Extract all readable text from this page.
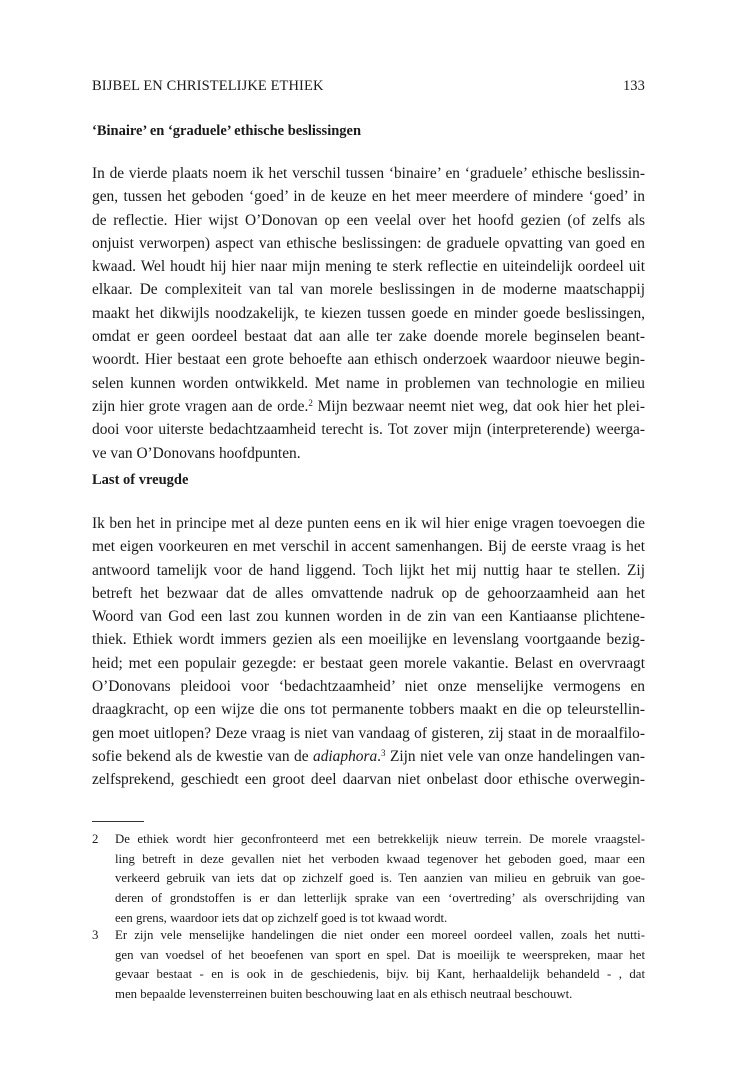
BIJBEL EN CHRISTELIJKE ETHIEK	133
‘Binaire’ en ‘graduele’ ethische beslissingen
In de vierde plaats noem ik het verschil tussen ‘binaire’ en ‘graduele’ ethische beslissin-
gen, tussen het geboden ‘goed’ in de keuze en het meer meerdere of mindere ‘goed’ in
de reflectie. Hier wijst O’Donovan op een veelal over het hoofd gezien (of zelfs als
onjuist verworpen) aspect van ethische beslissingen: de graduele opvatting van goed en
kwaad. Wel houdt hij hier naar mijn mening te sterk reflectie en uiteindelijk oordeel uit
elkaar. De complexiteit van tal van morele beslissingen in de moderne maatschappij
maakt het dikwijls noodzakelijk, te kiezen tussen goede en minder goede beslissingen,
omdat er geen oordeel bestaat dat aan alle ter zake doende morele beginselen beant-
woordt. Hier bestaat een grote behoefte aan ethisch onderzoek waardoor nieuwe begin-
selen kunnen worden ontwikkeld. Met name in problemen van technologie en milieu
zijn hier grote vragen aan de orde.$^2$ Mijn bezwaar neemt niet weg, dat ook hier het plei-
dooi voor uiterste bedachtzaamheid terecht is. Tot zover mijn (interpreterende) weerga-
ve van O’Donovans hoofdpunten.
Last of vreugde
Ik ben het in principe met al deze punten eens en ik wil hier enige vragen toevoegen die
met eigen voorkeuren en met verschil in accent samenhangen. Bij de eerste vraag is het
antwoord tamelijk voor de hand liggend. Toch lijkt het mij nuttig haar te stellen. Zij
betreft het bezwaar dat de alles omvattende nadruk op de gehoorzaamheid aan het
Woord van God een last zou kunnen worden in de zin van een Kantiaanse plichtene-
thiek. Ethiek wordt immers gezien als een moeilijke en levenslang voortgaande bezig-
heid; met een populair gezegde: er bestaat geen morele vakantie. Belast en overvraagt
O’Donovans pleidooi voor ‘bedachtzaamheid’ niet onze menselijke vermogens en
draagkracht, op een wijze die ons tot permanente tobbers maakt en die op teleurstellin-
gen moet uitlopen? Deze vraag is niet van vandaag of gisteren, zij staat in de moraalfilo-
sofie bekend als de kwestie van de adiaphora.$^3$ Zijn niet vele van onze handelingen van-
zelfsprekend, geschiedt een groot deel daarvan niet onbelast door ethische overwegin-
2 De ethiek wordt hier geconfronteerd met een betrekkelijk nieuw terrein. De morele vraagstel-
ling betreft in deze gevallen niet het verboden kwaad tegenover het geboden goed, maar een
verkeerd gebruik van iets dat op zichzelf goed is. Ten aanzien van milieu en gebruik van goe-
deren of grondstoffen is er dan letterlijk sprake van een ‘overtreding’ als overschrijding van
een grens, waardoor iets dat op zichzelf goed is tot kwaad wordt.
3 Er zijn vele menselijke handelingen die niet onder een moreel oordeel vallen, zoals het nutti-
gen van voedsel of het beoefenen van sport en spel. Dat is moeilijk te weerspreken, maar het
gevaar bestaat - en is ook in de geschiedenis, bijv. bij Kant, herhaaldelijk behandeld - , dat
men bepaalde levensterreinen buiten beschouwing laat en als ethisch neutraal beschouwt.
